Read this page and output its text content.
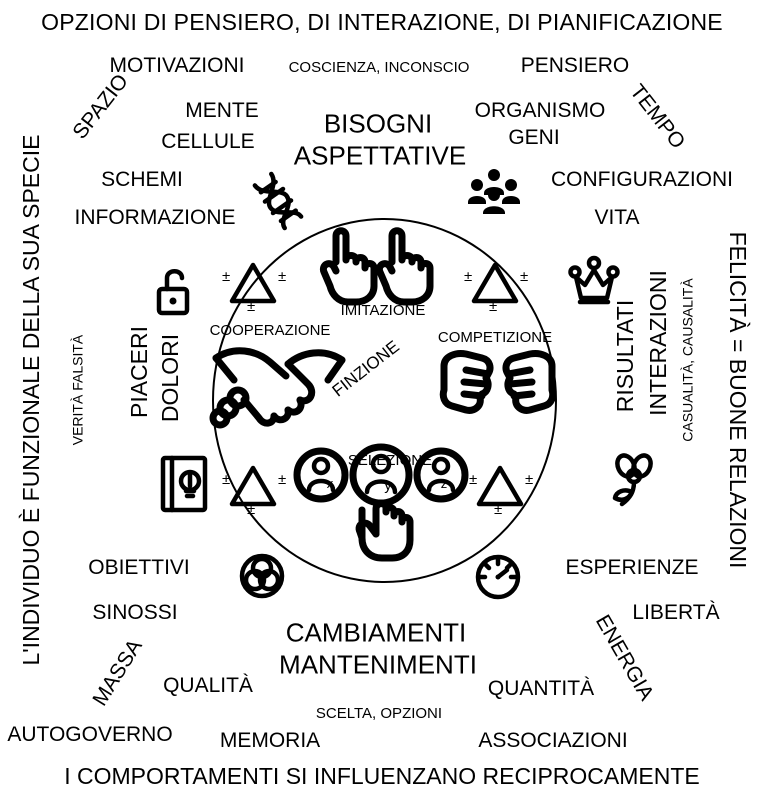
OPZIONI DI PENSIERO, DI INTERAZIONE, DI PIANIFICAZIONE
I COMPORTAMENTI SI INFLUENZANO RECIPROCAMENTE
L'INDIVIDUO È FUNZIONALE DELLA SUA SPECIE	FELICITÀ = BUONE RELAZIONI
x	y	z
±	±
±
±	±
±
±	±
±
±	±
±
MOTIVAZIONI	COSCIENZA, INCONSCIO PENSIERO
SPAZIO MENTE	ORGANISMO TEMPO
BISOGNI
CELLULE	GENI
ASPETTATIVE
SCHEMI	CONFIGURAZIONI
INFORMAZIONE	VITA
VERITÀ FALSITÀ PIACERI DOLORI	INTERAZIONI
RISULTATI	CASUALITÀ, CAUSALITÀ
OBIETTIVI	ESPERIENZE
SINOSSI	LIBERTÀ
CAMBIAMENTI	ENERGIA
MASSA	MANTENIMENTI
QUALITÀ	QUANTITÀ
SCELTA, OPZIONI
AUTOGOVERNO MEMORIA	ASSOCIAZIONI
IMITAZIONE
COOPERAZIONE	COMPETIZIONE
FINZIONE
SELEZIONE
